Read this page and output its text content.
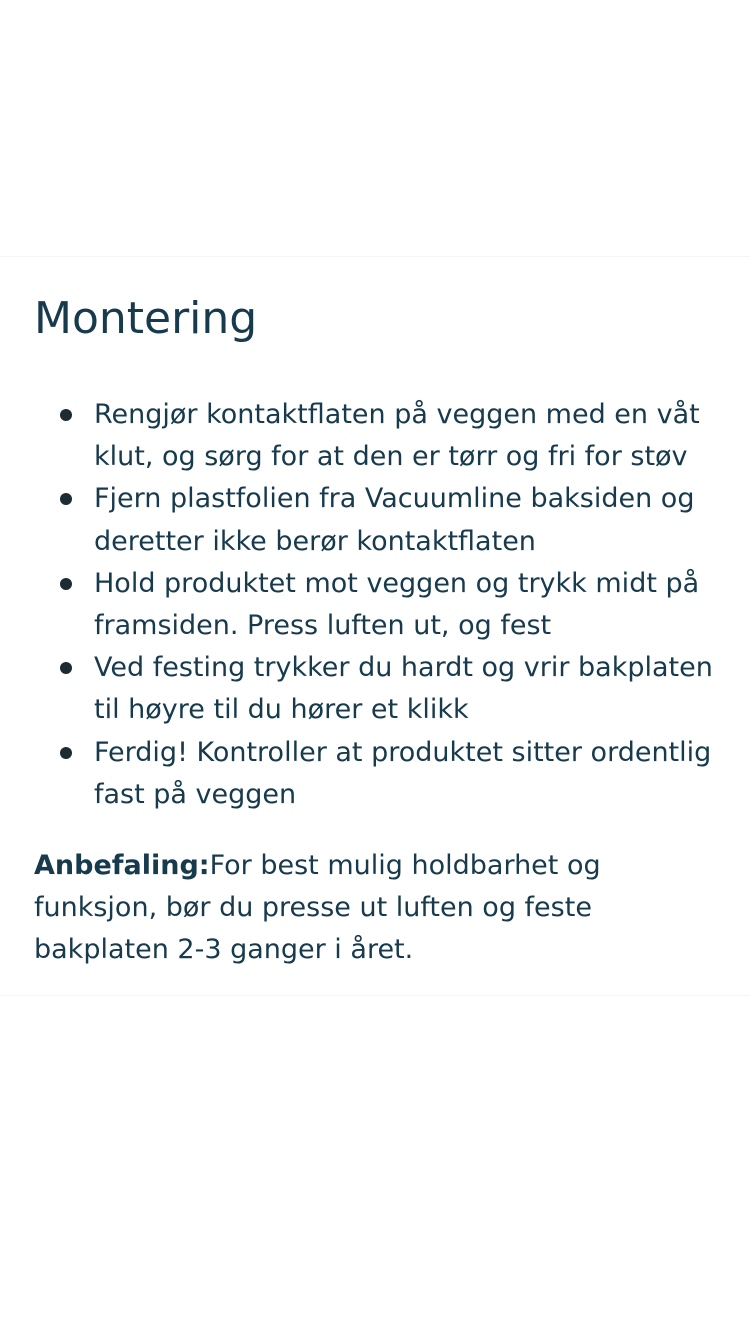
Montering
Rengjør kontaktflaten på veggen med en våt klut, og sørg for at den er tørr og fri for støv
Fjern plastfolien fra Vacuumline baksiden og deretter ikke berør kontaktflaten
Hold produktet mot veggen og trykk midt på framsiden. Press luften ut, og fest
Ved festing trykker du hardt og vrir bakplaten til høyre til du hører et klikk
Ferdig! Kontroller at produktet sitter ordentlig fast på veggen

Anbefaling:For best mulig holdbarhet og funksjon, bør du presse ut luften og feste bakplaten 2-3 ganger i året.
